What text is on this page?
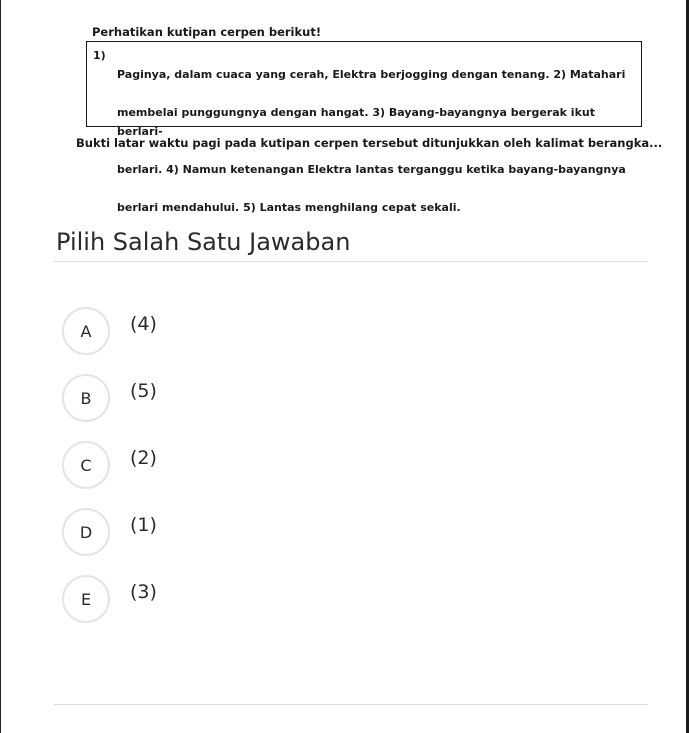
Perhatikan kutipan cerpen berikut!
1)

Paginya, dalam cuaca yang cerah, Elektra berjogging dengan tenang. 2) Matahari

membelai punggungnya dengan hangat. 3) Bayang-bayangnya bergerak ikut berlari-

berlari. 4) Namun ketenangan Elektra lantas terganggu ketika bayang-bayangnya

berlari mendahului. 5) Lantas menghilang cepat sekali.

Bukti latar waktu pagi pada kutipan cerpen tersebut ditunjukkan oleh kalimat berangka...
Pilih Salah Satu Jawaban
A	(4)
B	(5)
C	(2)
D	(1)
E	(3)
